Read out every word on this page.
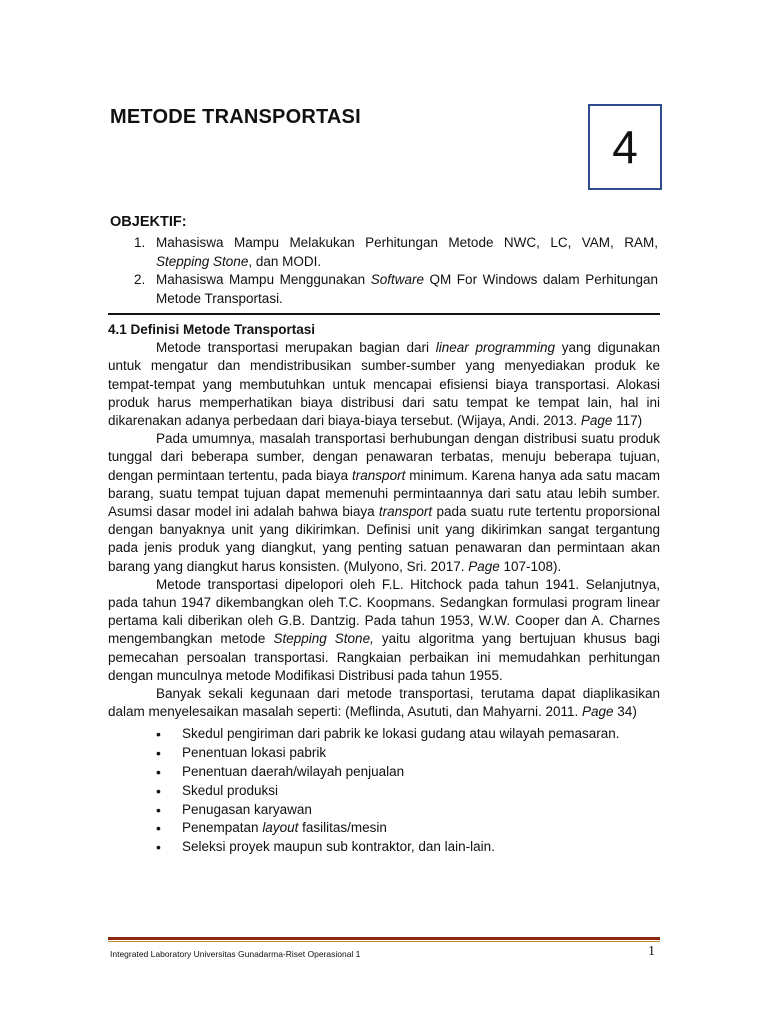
METODE TRANSPORTASI
4
OBJEKTIF:
1. Mahasiswa Mampu Melakukan Perhitungan Metode NWC, LC, VAM, RAM, Stepping Stone, dan MODI.
2. Mahasiswa Mampu Menggunakan Software QM For Windows dalam Perhitungan Metode Transportasi.
4.1 Definisi Metode Transportasi

Metode transportasi merupakan bagian dari linear programming yang digunakan untuk mengatur dan mendistribusikan sumber-sumber yang menyediakan produk ke tempat-tempat yang membutuhkan untuk mencapai efisiensi biaya transportasi. Alokasi produk harus memperhatikan biaya distribusi dari satu tempat ke tempat lain, hal ini dikarenakan adanya perbedaan dari biaya-biaya tersebut. (Wijaya, Andi. 2013. Page 117)

Pada umumnya, masalah transportasi berhubungan dengan distribusi suatu produk tunggal dari beberapa sumber, dengan penawaran terbatas, menuju beberapa tujuan, dengan permintaan tertentu, pada biaya transport minimum. Karena hanya ada satu macam barang, suatu tempat tujuan dapat memenuhi permintaannya dari satu atau lebih sumber. Asumsi dasar model ini adalah bahwa biaya transport pada suatu rute tertentu proporsional dengan banyaknya unit yang dikirimkan. Definisi unit yang dikirimkan sangat tergantung pada jenis produk yang diangkut, yang penting satuan penawaran dan permintaan akan barang yang diangkut harus konsisten. (Mulyono, Sri. 2017. Page 107-108).

Metode transportasi dipelopori oleh F.L. Hitchock pada tahun 1941. Selanjutnya, pada tahun 1947 dikembangkan oleh T.C. Koopmans. Sedangkan formulasi program linear pertama kali diberikan oleh G.B. Dantzig. Pada tahun 1953, W.W. Cooper dan A. Charnes mengembangkan metode Stepping Stone, yaitu algoritma yang bertujuan khusus bagi pemecahan persoalan transportasi. Rangkaian perbaikan ini memudahkan perhitungan dengan munculnya metode Modifikasi Distribusi pada tahun 1955.

Banyak sekali kegunaan dari metode transportasi, terutama dapat diaplikasikan dalam menyelesaikan masalah seperti: (Meflinda, Asututi, dan Mahyarni. 2011. Page 34)

• Skedul pengiriman dari pabrik ke lokasi gudang atau wilayah pemasaran.
• Penentuan lokasi pabrik
• Penentuan daerah/wilayah penjualan
• Skedul produksi
• Penugasan karyawan
• Penempatan layout fasilitas/mesin
• Seleksi proyek maupun sub kontraktor, dan lain-lain.
Integrated Laboratory Universitas Gunadarma-Riset Operasional 1	1
